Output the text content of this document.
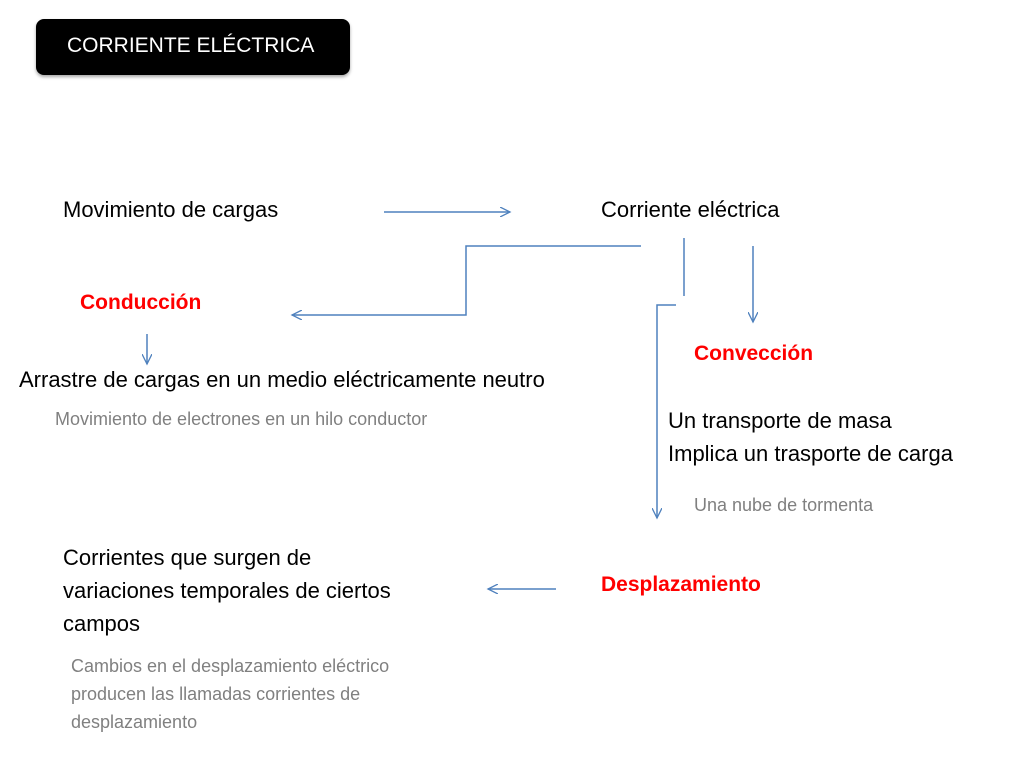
CORRIENTE ELÉCTRICA
Movimiento de cargas	Corriente eléctrica
Conducción
Arrastre de cargas en un medio eléctricamente neutro
Movimiento de electrones en un hilo conductor
Convección
Un transporte de masa
Implica un trasporte de carga
Una nube de tormenta
Desplazamiento
Corrientes que surgen de
variaciones temporales de ciertos
campos
Cambios en el desplazamiento eléctrico
producen las llamadas corrientes de
desplazamiento
